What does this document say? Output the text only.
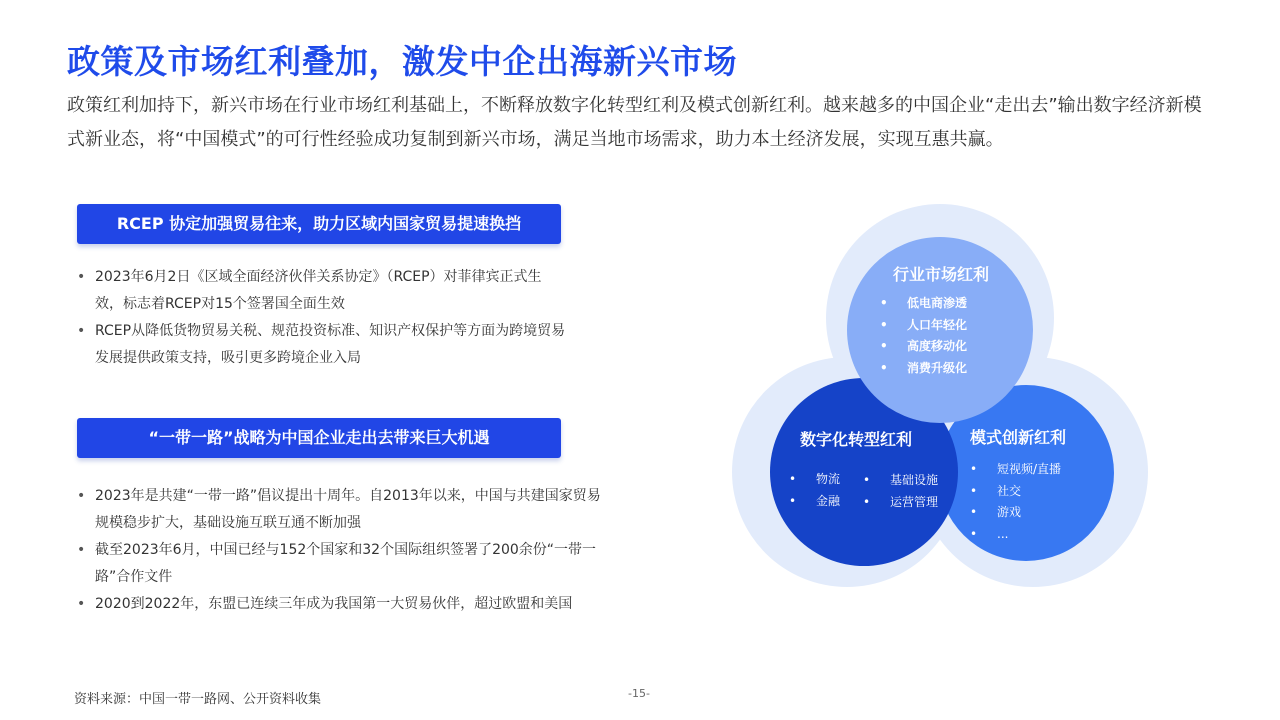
政策及市场红利叠加，激发中企出海新兴市场

政策红利加持下，新兴市场在行业市场红利基础上，不断释放数字化转型红利及模式创新红利。越来越多的中国企业“走出去”输出数字经济新模式新业态，将“中国模式”的可行性经验成功复制到新兴市场，满足当地市场需求，助力本土经济发展，实现互惠共赢。

RCEP 协定加强贸易往来，助力区域内国家贸易提速换挡
• 2023年6月2日《区域全面经济伙伴关系协定》（RCEP）对菲律宾正式生效，标志着RCEP对15个签署国全面生效
• RCEP从降低货物贸易关税、规范投资标准、知识产权保护等方面为跨境贸易发展提供政策支持，吸引更多跨境企业入局
“一带一路”战略为中国企业走出去带来巨大机遇
• 2023年是共建“一带一路”倡议提出十周年。自2013年以来，中国与共建国家贸易规模稳步扩大，基础设施互联互通不断加强
• 截至2023年6月，中国已经与152个国家和32个国际组织签署了200余份“一带一路”合作文件
• 2020到2022年，东盟已连续三年成为我国第一大贸易伙伴，超过欧盟和美国
行业市场红利
• 低电商渗透
• 人口年轻化
• 高度移动化
• 消费升级化
数字化转型红利
• 物流
• 金融
• 基础设施
• 运营管理
模式创新红利
• 短视频/直播
• 社交
• 游戏
• ...
资料来源：中国一带一路网、公开资料收集	-15-
